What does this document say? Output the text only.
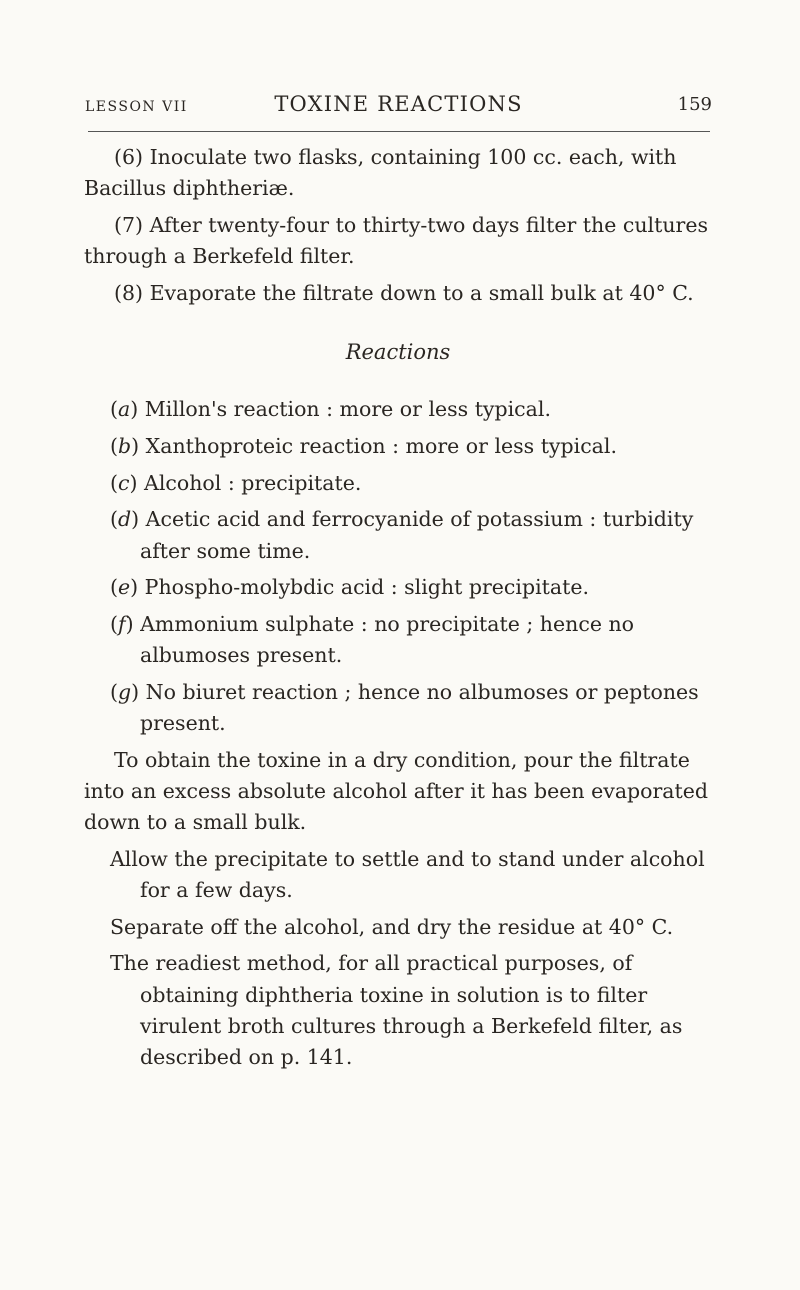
LESSON VII	TOXINE REACTIONS	159

(6) Inoculate two flasks, containing 100 cc. each, with Bacillus diphtheriæ.

(7) After twenty-four to thirty-two days filter the cultures through a Berkefeld filter.

(8) Evaporate the filtrate down to a small bulk at 40° C.

Reactions

(a) Millon's reaction : more or less typical.

(b) Xanthoproteic reaction : more or less typical.

(c) Alcohol : precipitate.

(d) Acetic acid and ferrocyanide of potassium : turbidity after some time.

(e) Phospho-molybdic acid : slight precipitate.

(f) Ammonium sulphate : no precipitate ; hence no albumoses present.

(g) No biuret reaction ; hence no albumoses or peptones present.

To obtain the toxine in a dry condition, pour the filtrate into an excess absolute alcohol after it has been evaporated down to a small bulk.

Allow the precipitate to settle and to stand under alcohol for a few days.

Separate off the alcohol, and dry the residue at 40° C.

The readiest method, for all practical purposes, of obtaining diphtheria toxine in solution is to filter virulent broth cultures through a Berkefeld filter, as described on p. 141.
